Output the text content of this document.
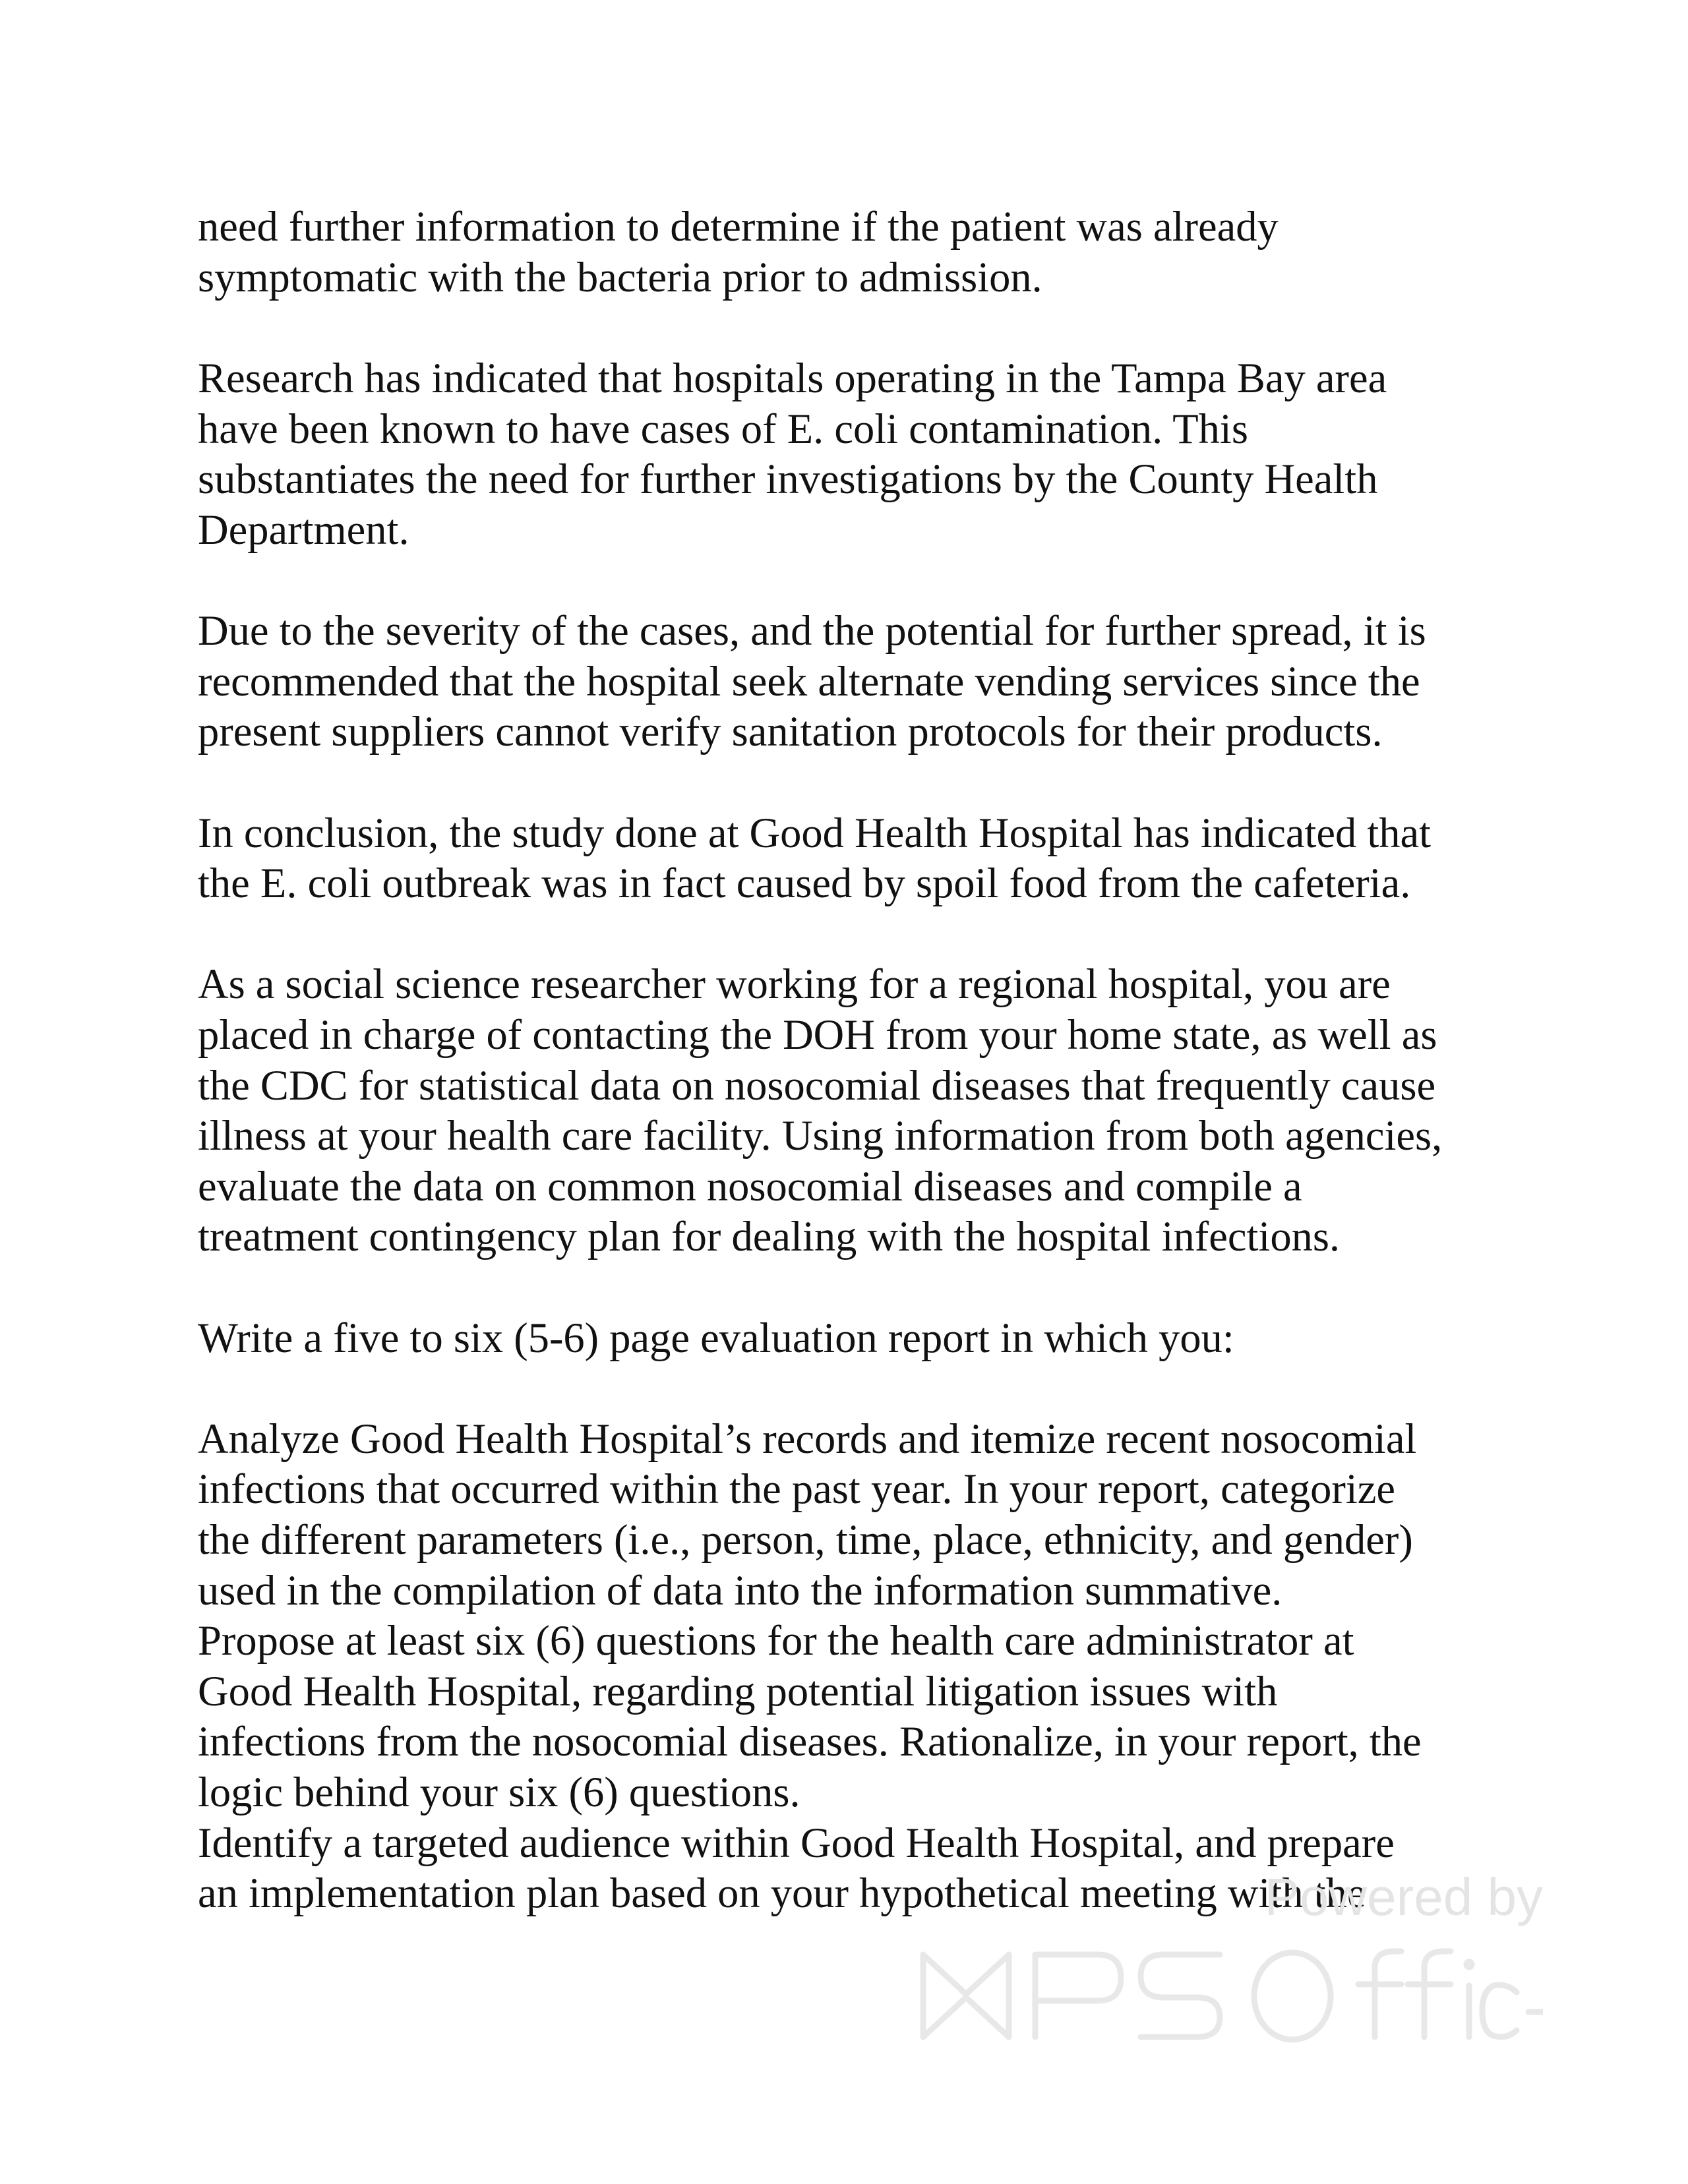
need further information to determine if the patient was already

symptomatic with the bacteria prior to admission.

Research has indicated that hospitals operating in the Tampa Bay area

have been known to have cases of E. coli contamination. This

substantiates the need for further investigations by the County Health

Department.

Due to the severity of the cases, and the potential for further spread, it is

recommended that the hospital seek alternate vending services since the

present suppliers cannot verify sanitation protocols for their products.

In conclusion, the study done at Good Health Hospital has indicated that

the E. coli outbreak was in fact caused by spoil food from the cafeteria.

As a social science researcher working for a regional hospital, you are

placed in charge of contacting the DOH from your home state, as well as

the CDC for statistical data on nosocomial diseases that frequently cause

illness at your health care facility. Using information from both agencies,

evaluate the data on common nosocomial diseases and compile a

treatment contingency plan for dealing with the hospital infections.

Write a five to six (5-6) page evaluation report in which you:

Analyze Good Health Hospital’s records and itemize recent nosocomial

infections that occurred within the past year. In your report, categorize

the different parameters (i.e., person, time, place, ethnicity, and gender)

used in the compilation of data into the information summative.

Propose at least six (6) questions for the health care administrator at

Good Health Hospital, regarding potential litigation issues with

infections from the nosocomial diseases. Rationalize, in your report, the

logic behind your six (6) questions.

Identify a targeted audience within Good Health Hospital, and prepare

an implementation plan based on your hypothetical meeting with the

Powered by
